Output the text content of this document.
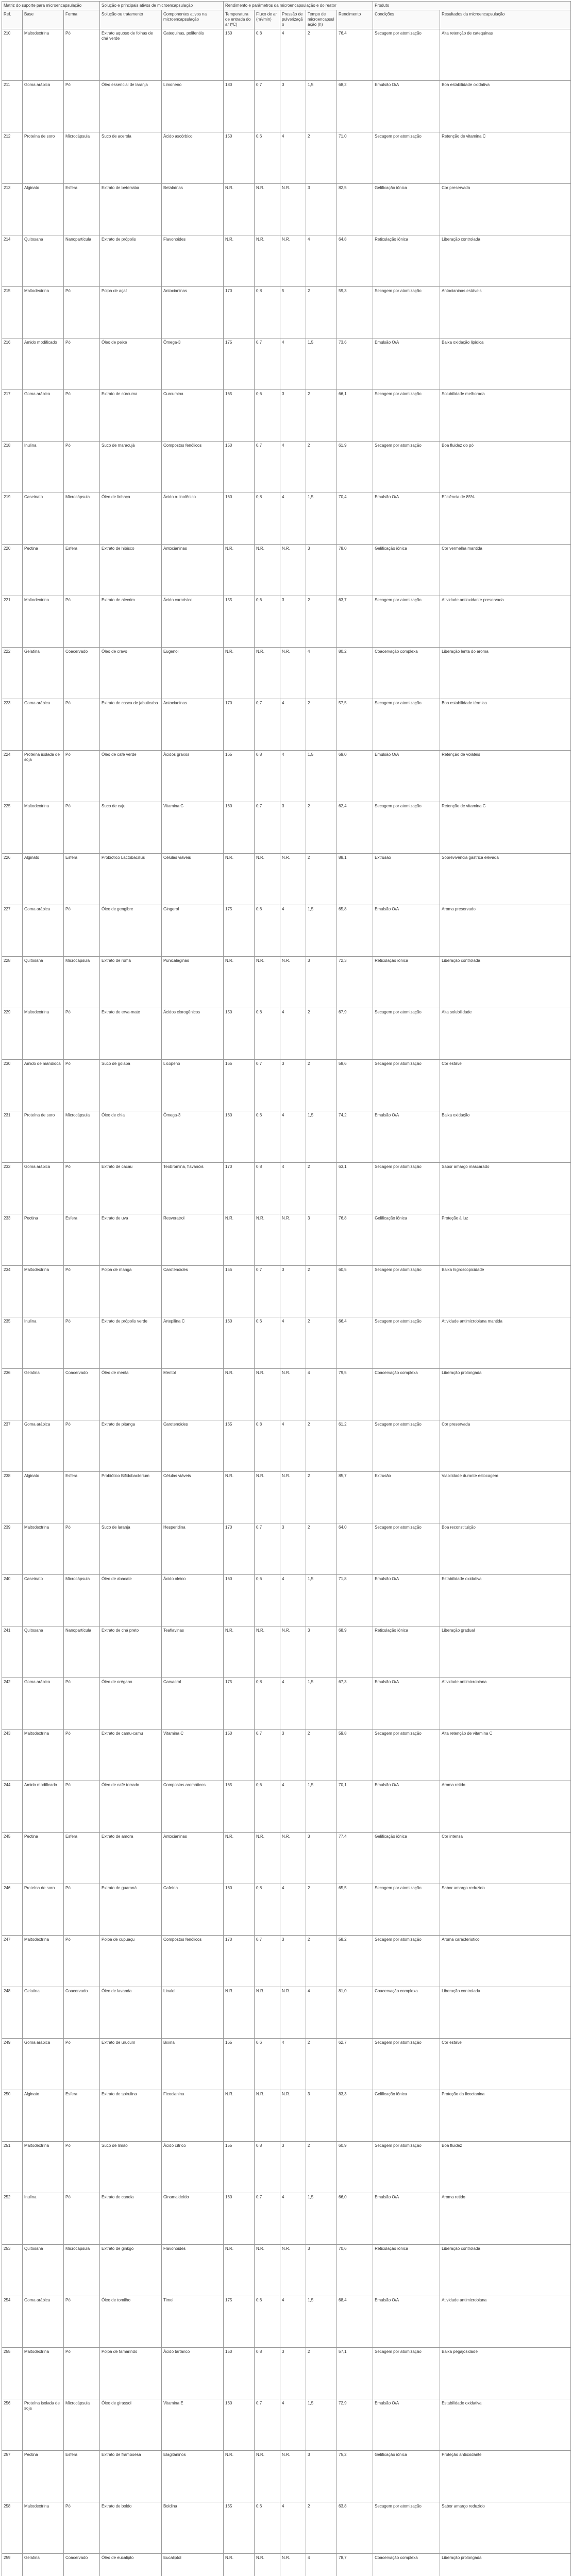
Matriz do suporte para microencapsulação			Solução e principais ativos de microencapsulação		Rendimento e parâmetros da microencapsulação e do reator					Produto	
Ref.	Base	Forma	Solução ou tratamento	Componentes ativos na microencapsulação	Temperatura de entrada do ar (ºC)	Fluxo de ar (m³/min)	Pressão de pulverização	Tempo de microencapsulação (h)	Rendimento	Condições	Resultados da microencapsulação
210	Maltodextrina	Pó	Extrato aquoso de folhas de chá verde	Catequinas, polifenóis	160	0,8	4	2	76,4	Secagem por atomização	Alta retenção de catequinas
211	Goma arábica	Pó	Óleo essencial de laranja	Limoneno	180	0,7	3	1,5	68,2	Emulsão O/A	Boa estabilidade oxidativa
212	Proteína de soro	Microcápsula	Suco de acerola	Ácido ascórbico	150	0,6	4	2	71,0	Secagem por atomização	Retenção de vitamina C
213	Alginato	Esfera	Extrato de beterraba	Betalaínas	N.R.	N.R.	N.R.	3	82,5	Gelificação iônica	Cor preservada
214	Quitosana	Nanopartícula	Extrato de própolis	Flavonoides	N.R.	N.R.	N.R.	4	64,8	Reticulação iônica	Liberação controlada
215	Maltodextrina	Pó	Polpa de açaí	Antocianinas	170	0,8	5	2	59,3	Secagem por atomização	Antocianinas estáveis
216	Amido modificado	Pó	Óleo de peixe	Ômega-3	175	0,7	4	1,5	73,6	Emulsão O/A	Baixa oxidação lipídica
217	Goma arábica	Pó	Extrato de cúrcuma	Curcumina	165	0,6	3	2	66,1	Secagem por atomização	Solubilidade melhorada
218	Inulina	Pó	Suco de maracujá	Compostos fenólicos	150	0,7	4	2	61,9	Secagem por atomização	Boa fluidez do pó
219	Caseinato	Microcápsula	Óleo de linhaça	Ácido α-linolênico	160	0,8	4	1,5	70,4	Emulsão O/A	Eficiência de 85%
220	Pectina	Esfera	Extrato de hibisco	Antocianinas	N.R.	N.R.	N.R.	3	78,0	Gelificação iônica	Cor vermelha mantida
221	Maltodextrina	Pó	Extrato de alecrim	Ácido carnósico	155	0,6	3	2	63,7	Secagem por atomização	Atividade antioxidante preservada
222	Gelatina	Coacervado	Óleo de cravo	Eugenol	N.R.	N.R.	N.R.	4	80,2	Coacervação complexa	Liberação lenta do aroma
223	Goma arábica	Pó	Extrato de casca de jabuticaba	Antocianinas	170	0,7	4	2	57,5	Secagem por atomização	Boa estabilidade térmica
224	Proteína isolada de soja	Pó	Óleo de café verde	Ácidos graxos	165	0,8	4	1,5	69,0	Emulsão O/A	Retenção de voláteis
225	Maltodextrina	Pó	Suco de caju	Vitamina C	160	0,7	3	2	62,4	Secagem por atomização	Retenção de vitamina C
226	Alginato	Esfera	Probiótico Lactobacillus	Células viáveis	N.R.	N.R.	N.R.	2	88,1	Extrusão	Sobrevivência gástrica elevada
227	Goma arábica	Pó	Óleo de gengibre	Gingerol	175	0,6	4	1,5	65,8	Emulsão O/A	Aroma preservado
228	Quitosana	Microcápsula	Extrato de romã	Punicalaginas	N.R.	N.R.	N.R.	3	72,3	Reticulação iônica	Liberação controlada
229	Maltodextrina	Pó	Extrato de erva-mate	Ácidos clorogênicos	150	0,8	4	2	67,9	Secagem por atomização	Alta solubilidade
230	Amido de mandioca	Pó	Suco de goiaba	Licopeno	165	0,7	3	2	58,6	Secagem por atomização	Cor estável
231	Proteína de soro	Microcápsula	Óleo de chia	Ômega-3	160	0,6	4	1,5	74,2	Emulsão O/A	Baixa oxidação
232	Goma arábica	Pó	Extrato de cacau	Teobromina, flavanóis	170	0,8	4	2	63,1	Secagem por atomização	Sabor amargo mascarado
233	Pectina	Esfera	Extrato de uva	Resveratrol	N.R.	N.R.	N.R.	3	76,8	Gelificação iônica	Proteção à luz
234	Maltodextrina	Pó	Polpa de manga	Carotenoides	155	0,7	3	2	60,5	Secagem por atomização	Baixa higroscopicidade
235	Inulina	Pó	Extrato de própolis verde	Artepilina C	160	0,6	4	2	66,4	Secagem por atomização	Atividade antimicrobiana mantida
236	Gelatina	Coacervado	Óleo de menta	Mentol	N.R.	N.R.	N.R.	4	79,5	Coacervação complexa	Liberação prolongada
237	Goma arábica	Pó	Extrato de pitanga	Carotenoides	165	0,8	4	2	61,2	Secagem por atomização	Cor preservada
238	Alginato	Esfera	Probiótico Bifidobacterium	Células viáveis	N.R.	N.R.	N.R.	2	85,7	Extrusão	Viabilidade durante estocagem
239	Maltodextrina	Pó	Suco de laranja	Hesperidina	170	0,7	3	2	64,0	Secagem por atomização	Boa reconstituição
240	Caseinato	Microcápsula	Óleo de abacate	Ácido oleico	160	0,6	4	1,5	71,8	Emulsão O/A	Estabilidade oxidativa
241	Quitosana	Nanopartícula	Extrato de chá preto	Teaflavinas	N.R.	N.R.	N.R.	3	68,9	Reticulação iônica	Liberação gradual
242	Goma arábica	Pó	Óleo de orégano	Carvacrol	175	0,8	4	1,5	67,3	Emulsão O/A	Atividade antimicrobiana
243	Maltodextrina	Pó	Extrato de camu-camu	Vitamina C	150	0,7	3	2	59,8	Secagem por atomização	Alta retenção de vitamina C
244	Amido modificado	Pó	Óleo de café torrado	Compostos aromáticos	165	0,6	4	1,5	70,1	Emulsão O/A	Aroma retido
245	Pectina	Esfera	Extrato de amora	Antocianinas	N.R.	N.R.	N.R.	3	77,4	Gelificação iônica	Cor intensa
246	Proteína de soro	Pó	Extrato de guaraná	Cafeína	160	0,8	4	2	65,5	Secagem por atomização	Sabor amargo reduzido
247	Maltodextrina	Pó	Polpa de cupuaçu	Compostos fenólicos	170	0,7	3	2	58,2	Secagem por atomização	Aroma característico
248	Gelatina	Coacervado	Óleo de lavanda	Linalol	N.R.	N.R.	N.R.	4	81,0	Coacervação complexa	Liberação controlada
249	Goma arábica	Pó	Extrato de urucum	Bixina	165	0,6	4	2	62,7	Secagem por atomização	Cor estável
250	Alginato	Esfera	Extrato de spirulina	Ficocianina	N.R.	N.R.	N.R.	3	83,3	Gelificação iônica	Proteção da ficocianina
251	Maltodextrina	Pó	Suco de limão	Ácido cítrico	155	0,8	3	2	60,9	Secagem por atomização	Boa fluidez
252	Inulina	Pó	Extrato de canela	Cinamaldeído	160	0,7	4	1,5	66,0	Emulsão O/A	Aroma retido
253	Quitosana	Microcápsula	Extrato de ginkgo	Flavonoides	N.R.	N.R.	N.R.	3	70,6	Reticulação iônica	Liberação controlada
254	Goma arábica	Pó	Óleo de tomilho	Timol	175	0,6	4	1,5	68,4	Emulsão O/A	Atividade antimicrobiana
255	Maltodextrina	Pó	Polpa de tamarindo	Ácido tartárico	150	0,8	3	2	57,1	Secagem por atomização	Baixa pegajosidade
256	Proteína isolada de soja	Microcápsula	Óleo de girassol	Vitamina E	160	0,7	4	1,5	72,9	Emulsão O/A	Estabilidade oxidativa
257	Pectina	Esfera	Extrato de framboesa	Elagitaninos	N.R.	N.R.	N.R.	3	75,2	Gelificação iônica	Proteção antioxidante
258	Maltodextrina	Pó	Extrato de boldo	Boldina	165	0,6	4	2	63,8	Secagem por atomização	Sabor amargo reduzido
259	Gelatina	Coacervado	Óleo de eucalipto	Eucaliptol	N.R.	N.R.	N.R.	4	78,7	Coacervação complexa	Liberação prolongada
